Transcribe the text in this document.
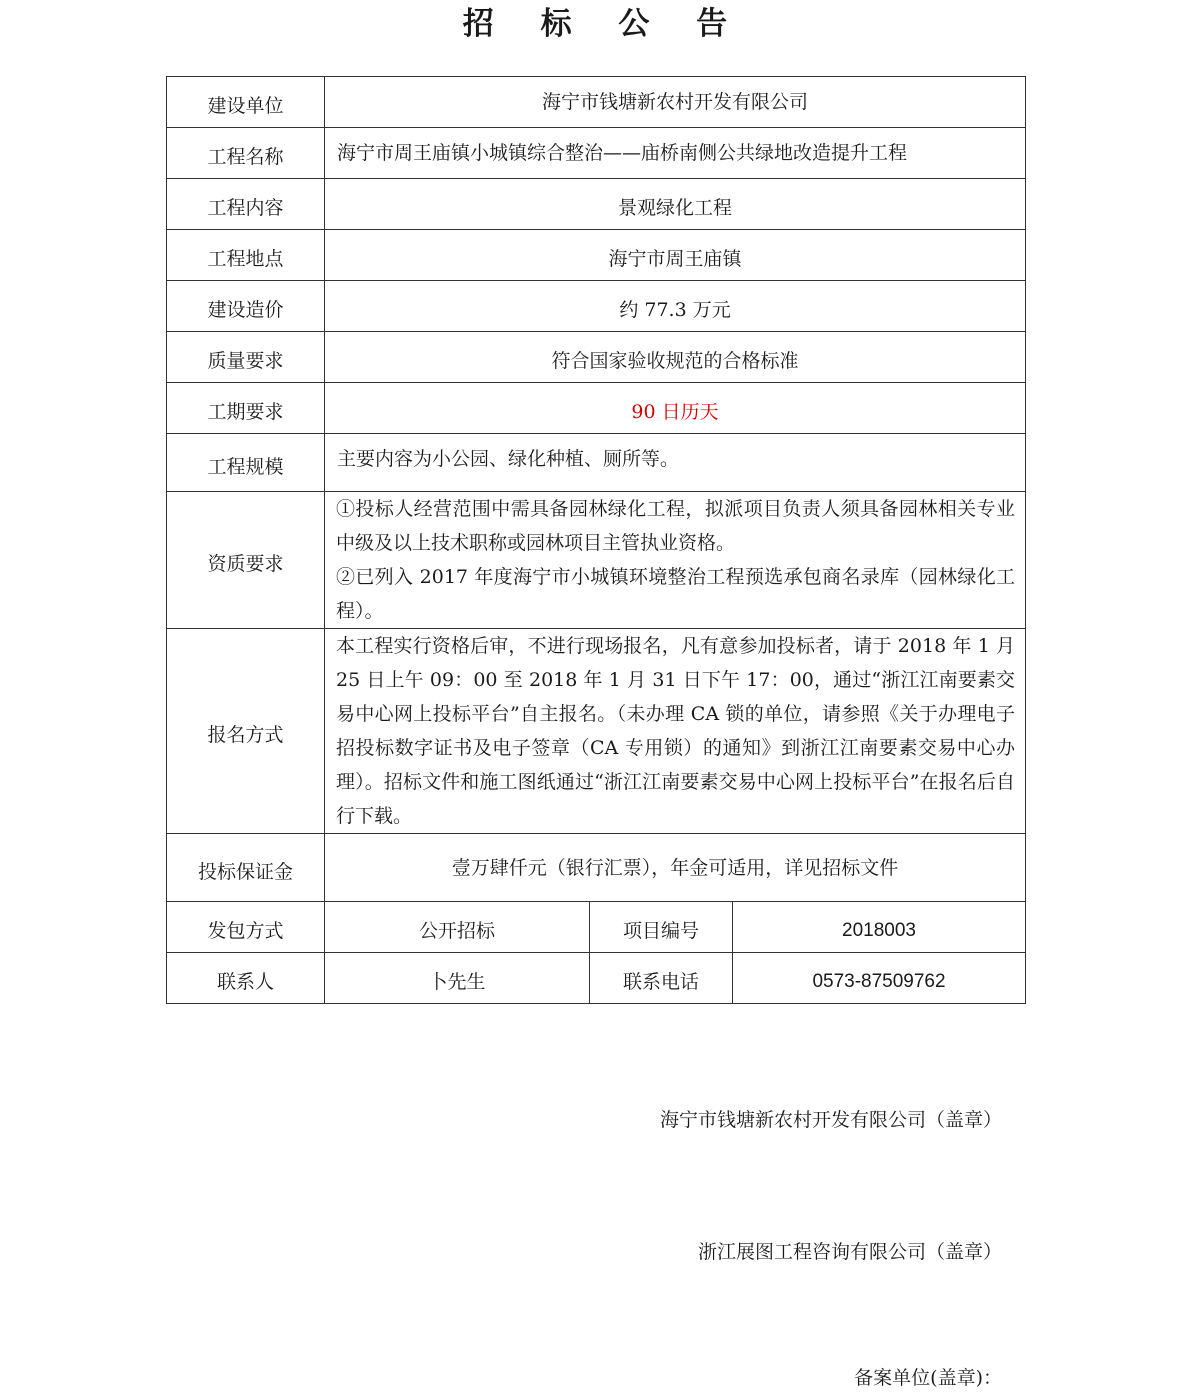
招 标 公 告
建设单位	海宁市钱塘新农村开发有限公司		
工程名称	海宁市周王庙镇小城镇综合整治——庙桥南侧公共绿地改造提升工程		
工程内容	景观绿化工程		
工程地点	海宁市周王庙镇		
建设造价	约 77.3 万元		
质量要求	符合国家验收规范的合格标准		
工期要求	90 日历天		
工程规模	主要内容为小公园、绿化种植、厕所等。		
资质要求	①投标人经营范围中需具备园林绿化工程，拟派项目负责人须具备园林相关专业中级及以上技术职称或园林项目主管执业资格。
②已列入 2017 年度海宁市小城镇环境整治工程预选承包商名录库（园林绿化工程）。		

报名方式	本工程实行资格后审，不进行现场报名，凡有意参加投标者，请于 2018 年 1 月 25 日上午 09：00 至 2018 年 1 月 31 日下午 17：00，通过“浙江江南要素交易中心网上投标平台”自主报名。（未办理 CA 锁的单位，请参照《关于办理电子招投标数字证书及电子签章（CA 专用锁）的通知》到浙江江南要素交易中心办理）。招标文件和施工图纸通过“浙江江南要素交易中心网上投标平台”在报名后自行下载。		
投标保证金	壹万肆仟元（银行汇票），年金可适用，详见招标文件		
发包方式	公开招标	项目编号	2018003
联系人	卜先生	联系电话	0573-87509762
海宁市钱塘新农村开发有限公司（盖章）
浙江展图工程咨询有限公司（盖章）
备案单位(盖章)：
